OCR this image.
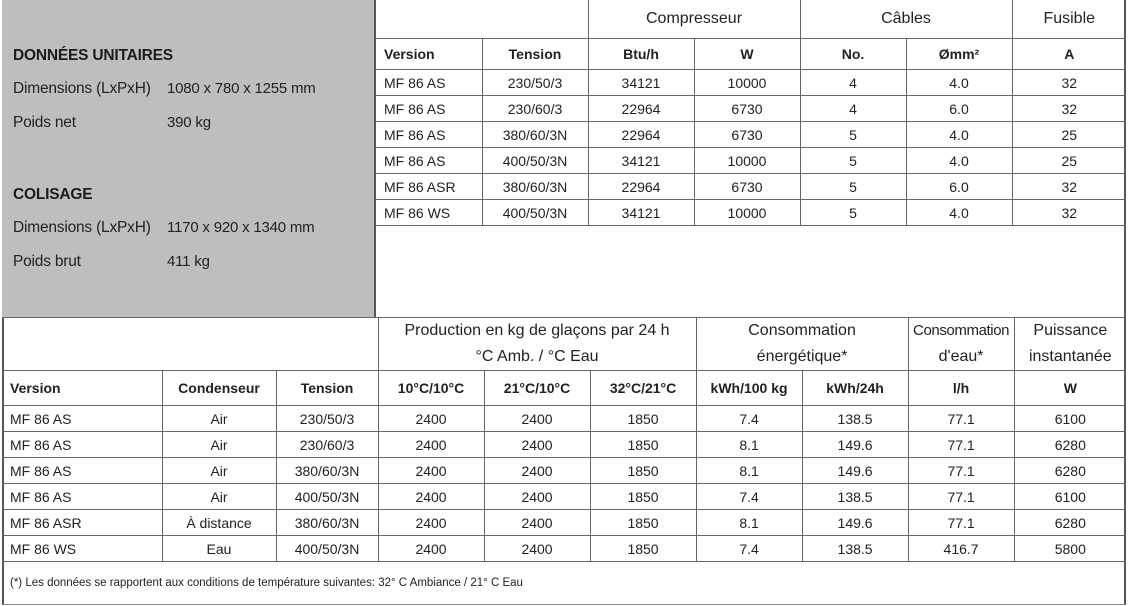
DONNÉES UNITAIRES
Dimensions (LxPxH) 1080 x 780 x 1255 mm
Poids net	390 kg
COLISAGE
Dimensions (LxPxH) 1170 x 920 x 1340 mm
Poids brut	411 kg
		Compresseur		Câbles		Fusible
Version	Tension	Btu/h	W	No.	Ømm²	A
MF 86 AS	230/50/3	34121	10000	4	4.0	32
MF 86 AS	230/60/3	22964	6730	4	6.0	32
MF 86 AS	380/60/3N	22964	6730	5	4.0	25
MF 86 AS	400/50/3N	34121	10000	5	4.0	25
MF 86 ASR	380/60/3N	22964	6730	5	6.0	32
MF 86 WS	400/50/3N	34121	10000	5	4.0	32

Production en kg de glaçons par 24 h
°C Amb. / °C Eau

Consommation
énergétique*

Consommation
d'eau*

Puissance
instantanée

Version	Condenseur	Tension	10°C/10°C	21°C/10°C	32°C/21°C	kWh/100 kg	kWh/24h	l/h	W
MF 86 AS	Air	230/50/3	2400	2400	1850	7.4	138.5	77.1	6100
MF 86 AS	Air	230/60/3	2400	2400	1850	8.1	149.6	77.1	6280
MF 86 AS	Air	380/60/3N	2400	2400	1850	8.1	149.6	77.1	6280
MF 86 AS	Air	400/50/3N	2400	2400	1850	7.4	138.5	77.1	6100
MF 86 ASR	À distance	380/60/3N	2400	2400	1850	8.1	149.6	77.1	6280
MF 86 WS	Eau	400/50/3N	2400	2400	1850	7.4	138.5	416.7	5800
(*) Les données se rapportent aux conditions de température suivantes: 32° C Ambiance / 21° C Eau									
